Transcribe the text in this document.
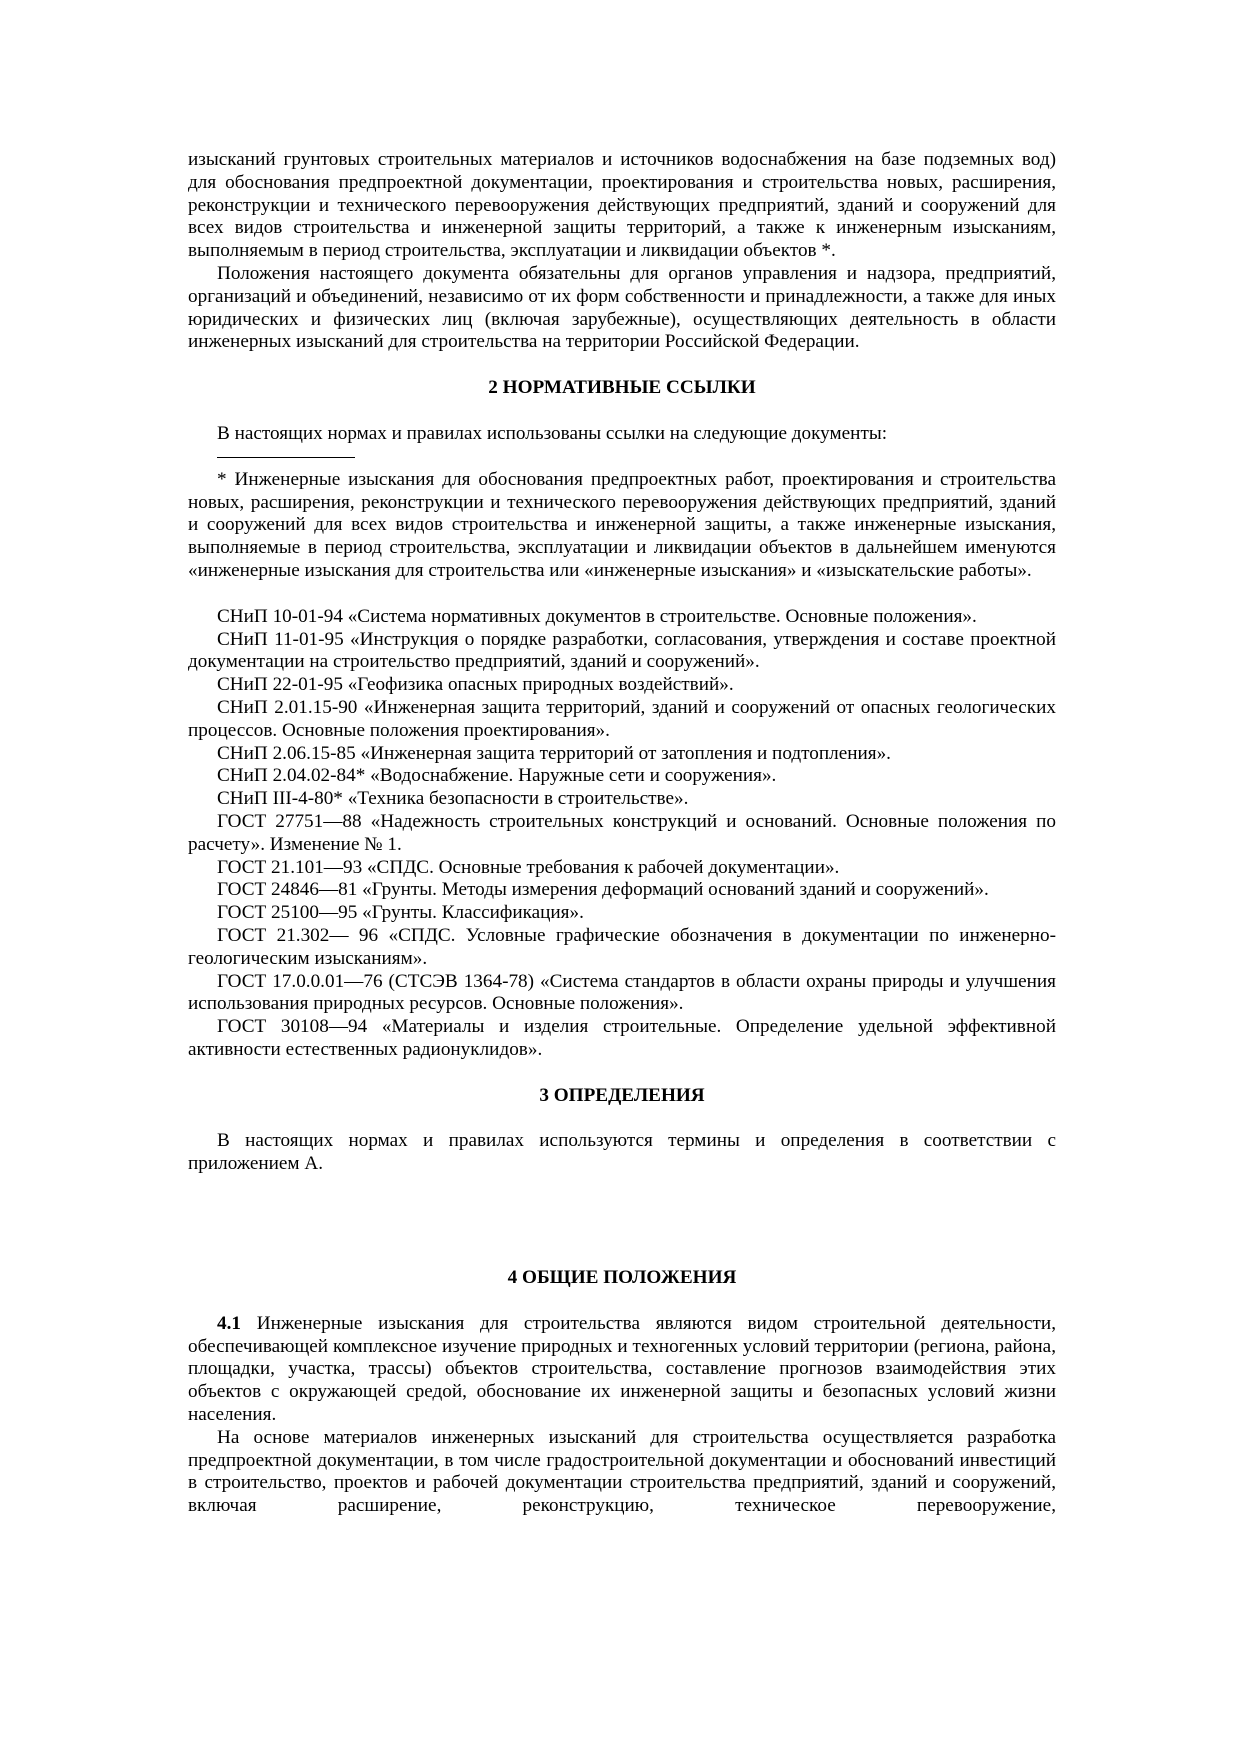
изысканий грунтовых строительных материалов и источников водоснабжения на базе подземных вод) для обоснования предпроектной документации, проектирования и строительства новых, расширения, реконструкции и технического перевооружения действующих предприятий, зданий и сооружений для всех видов строительства и инженерной защиты территорий, а также к инженерным изысканиям, выполняемым в период строительства, эксплуатации и ликвидации объектов *.

Положения настоящего документа обязательны для органов управления и надзора, предприятий, организаций и объединений, независимо от их форм собственности и принадлежности, а также для иных юридических и физических лиц (включая зарубежные), осуществляющих деятельность в области инженерных изысканий для строительства на территории Российской Федерации.

2 НОРМАТИВНЫЕ ССЫЛКИ

В настоящих нормах и правилах использованы ссылки на следующие документы:

* Инженерные изыскания для обоснования предпроектных работ, проектирования и строительства новых, расширения, реконструкции и технического перевооружения действующих предприятий, зданий и сооружений для всех видов строительства и инженерной защиты, а также инженерные изыскания, выполняемые в период строительства, эксплуатации и ликвидации объектов в дальнейшем именуются «инженерные изыскания для строительства или «инженерные изыскания» и «изыскательские работы».

СНиП 10-01-94 «Система нормативных документов в строительстве. Основные положения».

СНиП 11-01-95 «Инструкция о порядке разработки, согласования, утверждения и составе проектной документации на строительство предприятий, зданий и сооружений».

СНиП 22-01-95 «Геофизика опасных природных воздействий».

СНиП 2.01.15-90 «Инженерная защита территорий, зданий и сооружений от опасных геологических процессов. Основные положения проектирования».

СНиП 2.06.15-85 «Инженерная защита территорий от затопления и подтопления».

СНиП 2.04.02-84* «Водоснабжение. Наружные сети и сооружения».

СНиП III-4-80* «Техника безопасности в строительстве».

ГОСТ 27751—88 «Надежность строительных конструкций и оснований. Основные положения по расчету». Изменение № 1.

ГОСТ 21.101—93 «СПДС. Основные требования к рабочей документации».

ГОСТ 24846—81 «Грунты. Методы измерения деформаций оснований зданий и сооружений».

ГОСТ 25100—95 «Грунты. Классификация».

ГОСТ 21.302— 96 «СПДС. Условные графические обозначения в документации по инженерно-геологическим изысканиям».

ГОСТ 17.0.0.01—76 (СТСЭВ 1364-78) «Система стандартов в области охраны природы и улучшения использования природных ресурсов. Основные положения».

ГОСТ 30108—94 «Материалы и изделия строительные. Определение удельной эффективной активности естественных радионуклидов».

3 ОПРЕДЕЛЕНИЯ

В настоящих нормах и правилах используются термины и определения в соответствии с приложением А.

4 ОБЩИЕ ПОЛОЖЕНИЯ

4.1 Инженерные изыскания для строительства являются видом строительной деятельности, обеспечивающей комплексное изучение природных и техногенных условий территории (региона, района, площадки, участка, трассы) объектов строительства, составление прогнозов взаимодействия этих объектов с окружающей средой, обоснование их инженерной защиты и безопасных условий жизни населения.

На основе материалов инженерных изысканий для строительства осуществляется разработка предпроектной документации, в том числе градостроительной документации и обоснований инвестиций в строительство, проектов и рабочей документации строительства предприятий, зданий и сооружений, включая расширение, реконструкцию, техническое перевооружение,
